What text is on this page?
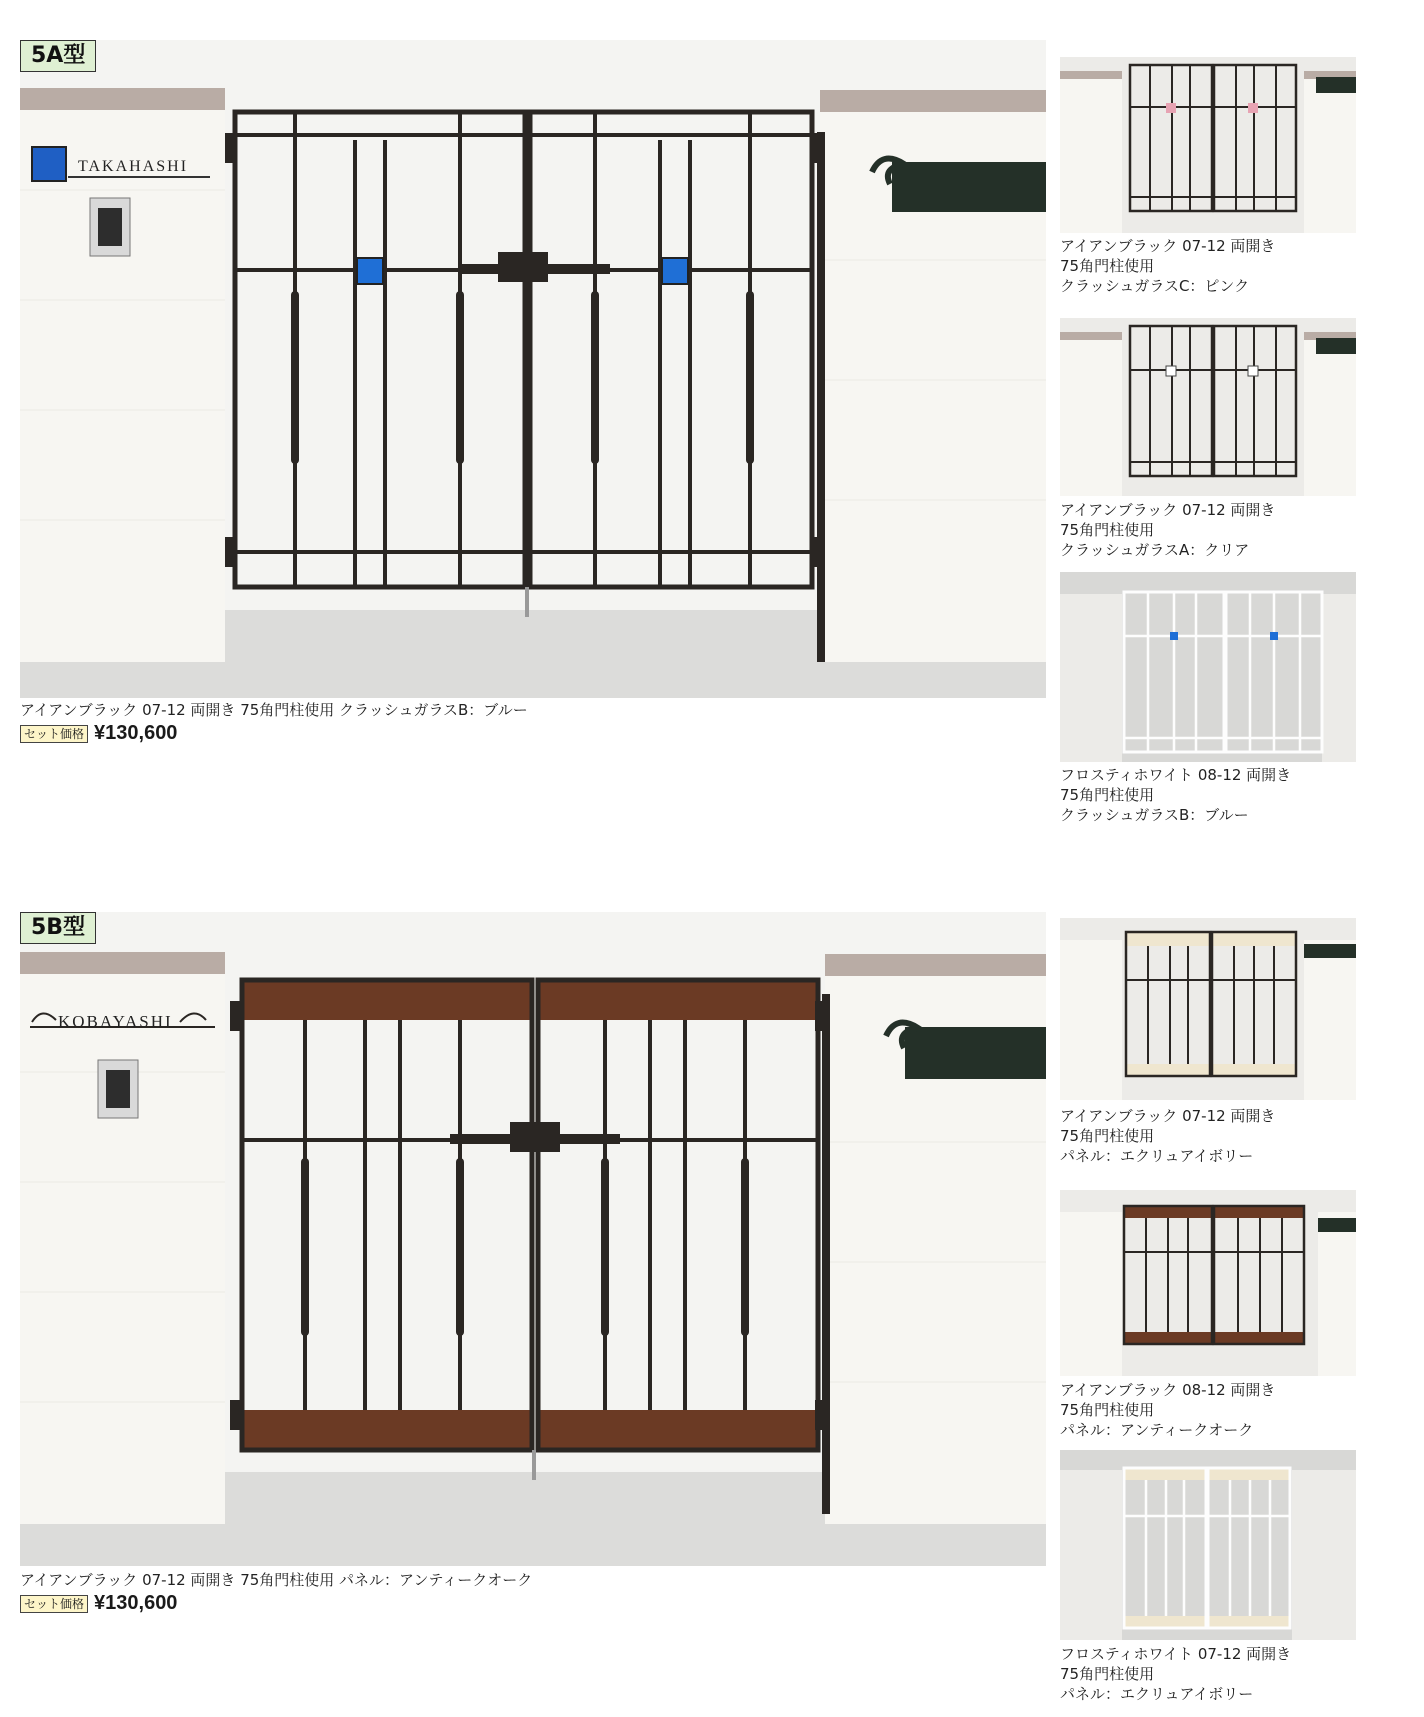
5A型
TAKAHASHI
アイアンブラック 07-12 両開き 75角門柱使用 クラッシュガラスB：ブルー
セット価格 ¥130,600
アイアンブラック 07-12 両開き
75角門柱使用
クラッシュガラスC：ピンク
アイアンブラック 07-12 両開き
75角門柱使用
クラッシュガラスA：クリア
フロスティホワイト 08-12 両開き
75角門柱使用
クラッシュガラスB：ブルー
5B型
KOBAYASHI
アイアンブラック 07-12 両開き 75角門柱使用 パネル：アンティークオーク
セット価格 ¥130,600
アイアンブラック 07-12 両開き
75角門柱使用
パネル：エクリュアイボリー
アイアンブラック 08-12 両開き
75角門柱使用
パネル：アンティークオーク
フロスティホワイト 07-12 両開き
75角門柱使用
パネル：エクリュアイボリー
